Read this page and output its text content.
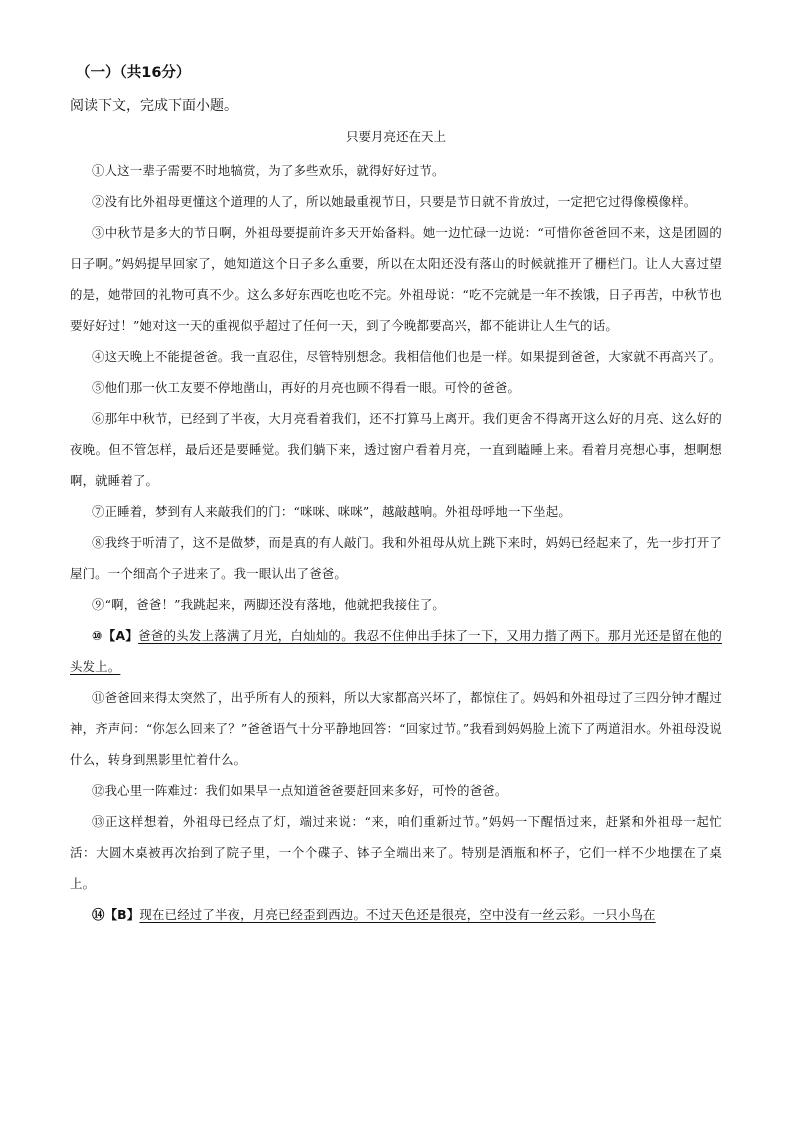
（一）（共16分）
阅读下文，完成下面小题。
只要月亮还在天上

①人这一辈子需要不时地犒赏，为了多些欢乐，就得好好过节。

②没有比外祖母更懂这个道理的人了，所以她最重视节日，只要是节日就不肯放过，一定把它过得像模像样。

③中秋节是多大的节日啊，外祖母要提前许多天开始备料。她一边忙碌一边说：“可惜你爸爸回不来，这是团圆的日子啊。”妈妈提早回家了，她知道这个日子多么重要，所以在太阳还没有落山的时候就推开了栅栏门。让人大喜过望的是，她带回的礼物可真不少。这么多好东西吃也吃不完。外祖母说：“吃不完就是一年不挨饿，日子再苦，中秋节也要好好过！”她对这一天的重视似乎超过了任何一天，到了今晚都要高兴，都不能讲让人生气的话。

④这天晚上不能提爸爸。我一直忍住，尽管特别想念。我相信他们也是一样。如果提到爸爸，大家就不再高兴了。

⑤他们那一伙工友要不停地凿山，再好的月亮也顾不得看一眼。可怜的爸爸。

⑥那年中秋节，已经到了半夜，大月亮看着我们，还不打算马上离开。我们更舍不得离开这么好的月亮、这么好的夜晚。但不管怎样，最后还是要睡觉。我们躺下来，透过窗户看着月亮，一直到瞌睡上来。看着月亮想心事，想啊想啊，就睡着了。

⑦正睡着，梦到有人来敲我们的门：“咪咪、咪咪”，越敲越响。外祖母呼地一下坐起。

⑧我终于听清了，这不是做梦，而是真的有人敲门。我和外祖母从炕上跳下来时，妈妈已经起来了，先一步打开了屋门。一个细高个子进来了。我一眼认出了爸爸。

⑨“啊，爸爸！”我跳起来，两脚还没有落地，他就把我接住了。

⑩【A】爸爸的头发上落满了月光，白灿灿的。我忍不住伸出手抹了一下，又用力揩了两下。那月光还是留在他的头发上。

⑪爸爸回来得太突然了，出乎所有人的预料，所以大家都高兴坏了，都惊住了。妈妈和外祖母过了三四分钟才醒过神，齐声问：“你怎么回来了？”爸爸语气十分平静地回答：“回家过节。”我看到妈妈脸上流下了两道泪水。外祖母没说什么，转身到黑影里忙着什么。

⑫我心里一阵难过：我们如果早一点知道爸爸要赶回来多好，可怜的爸爸。

⑬正这样想着，外祖母已经点了灯，端过来说：“来，咱们重新过节。”妈妈一下醒悟过来，赶紧和外祖母一起忙活：大圆木桌被再次抬到了院子里，一个个碟子、钵子全端出来了。特别是酒瓶和杯子，它们一样不少地摆在了桌上。

⑭【B】现在已经过了半夜，月亮已经歪到西边。不过天色还是很亮，空中没有一丝云彩。一只小鸟在
